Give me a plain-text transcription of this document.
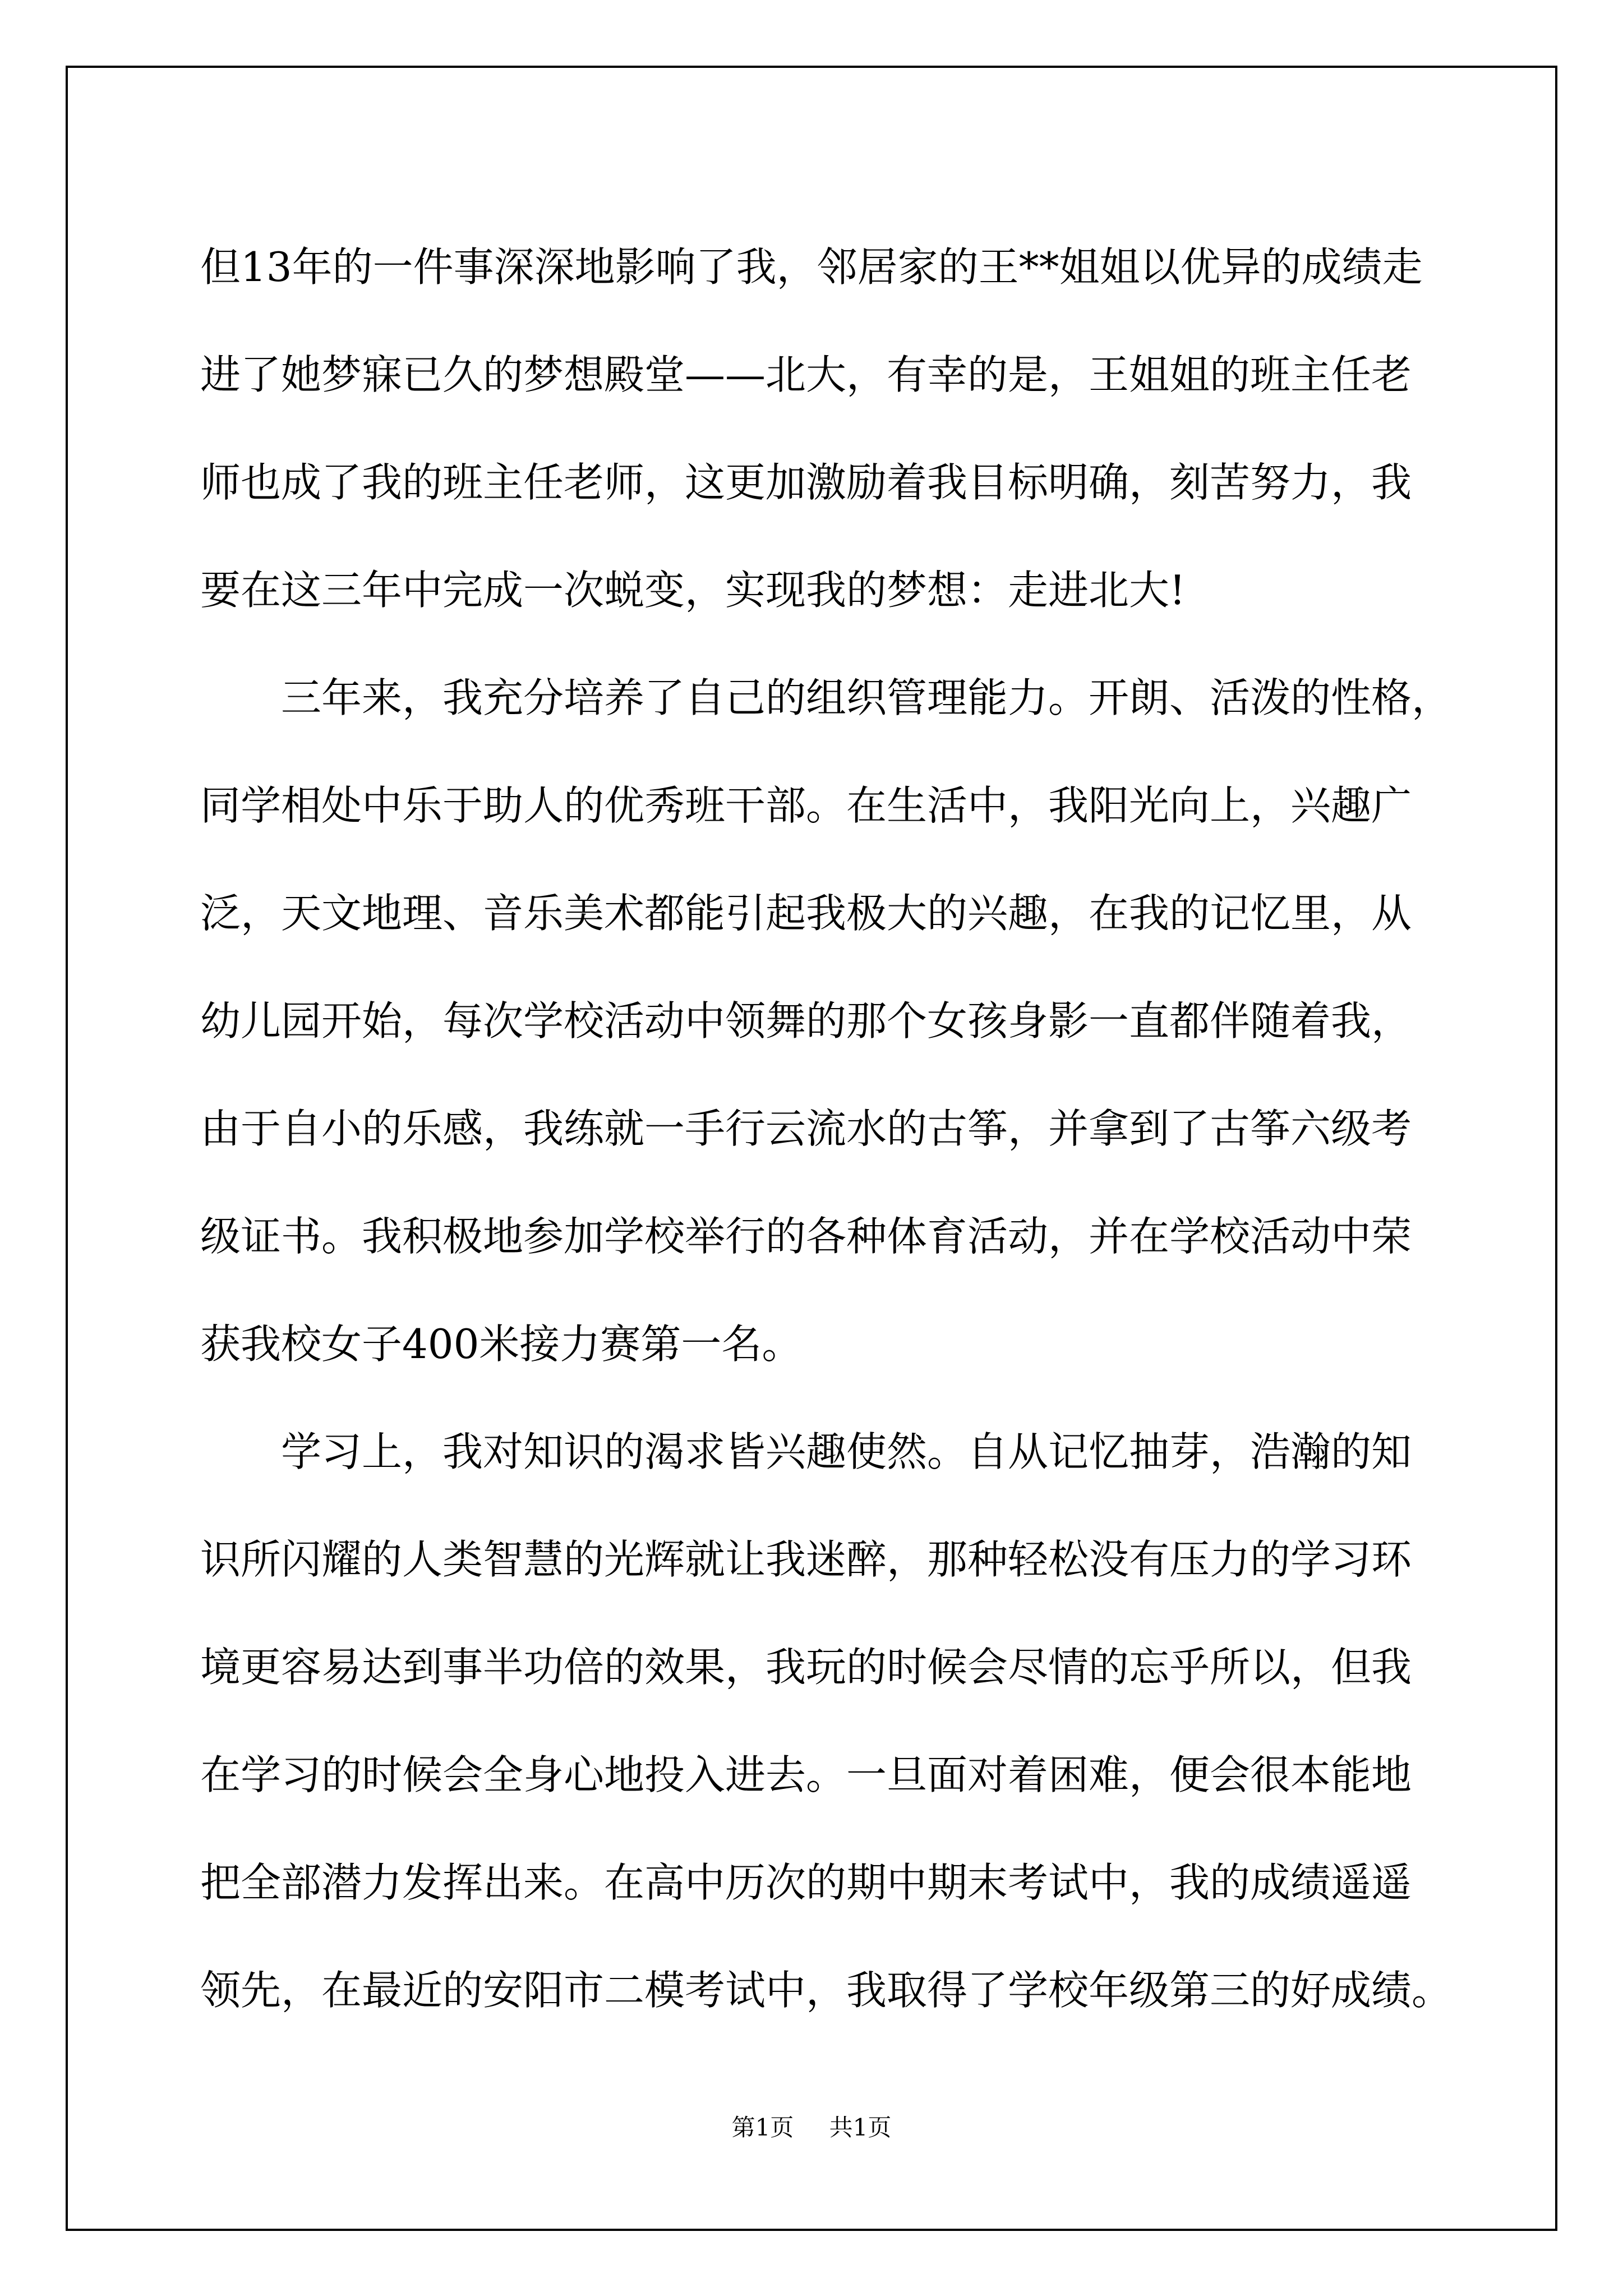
但13年的一件事深深地影响了我，邻居家的王**姐姐以优异的成绩走
进了她梦寐已久的梦想殿堂——北大，有幸的是，王姐姐的班主任老
师也成了我的班主任老师，这更加激励着我目标明确，刻苦努力，我
要在这三年中完成一次蜕变，实现我的梦想：走进北大!
三年来，我充分培养了自己的组织管理能力。开朗、活泼的性格，
同学相处中乐于助人的优秀班干部。在生活中，我阳光向上，兴趣广
泛，天文地理、音乐美术都能引起我极大的兴趣，在我的记忆里，从
幼儿园开始，每次学校活动中领舞的那个女孩身影一直都伴随着我，
由于自小的乐感，我练就一手行云流水的古筝，并拿到了古筝六级考
级证书。我积极地参加学校举行的各种体育活动，并在学校活动中荣
获我校女子400米接力赛第一名。
学习上，我对知识的渴求皆兴趣使然。自从记忆抽芽，浩瀚的知
识所闪耀的人类智慧的光辉就让我迷醉，那种轻松没有压力的学习环
境更容易达到事半功倍的效果，我玩的时候会尽情的忘乎所以，但我
在学习的时候会全身心地投入进去。一旦面对着困难，便会很本能地
把全部潜力发挥出来。在高中历次的期中期末考试中，我的成绩遥遥
领先，在最近的安阳市二模考试中，我取得了学校年级第三的好成绩。
第1页 共1页
